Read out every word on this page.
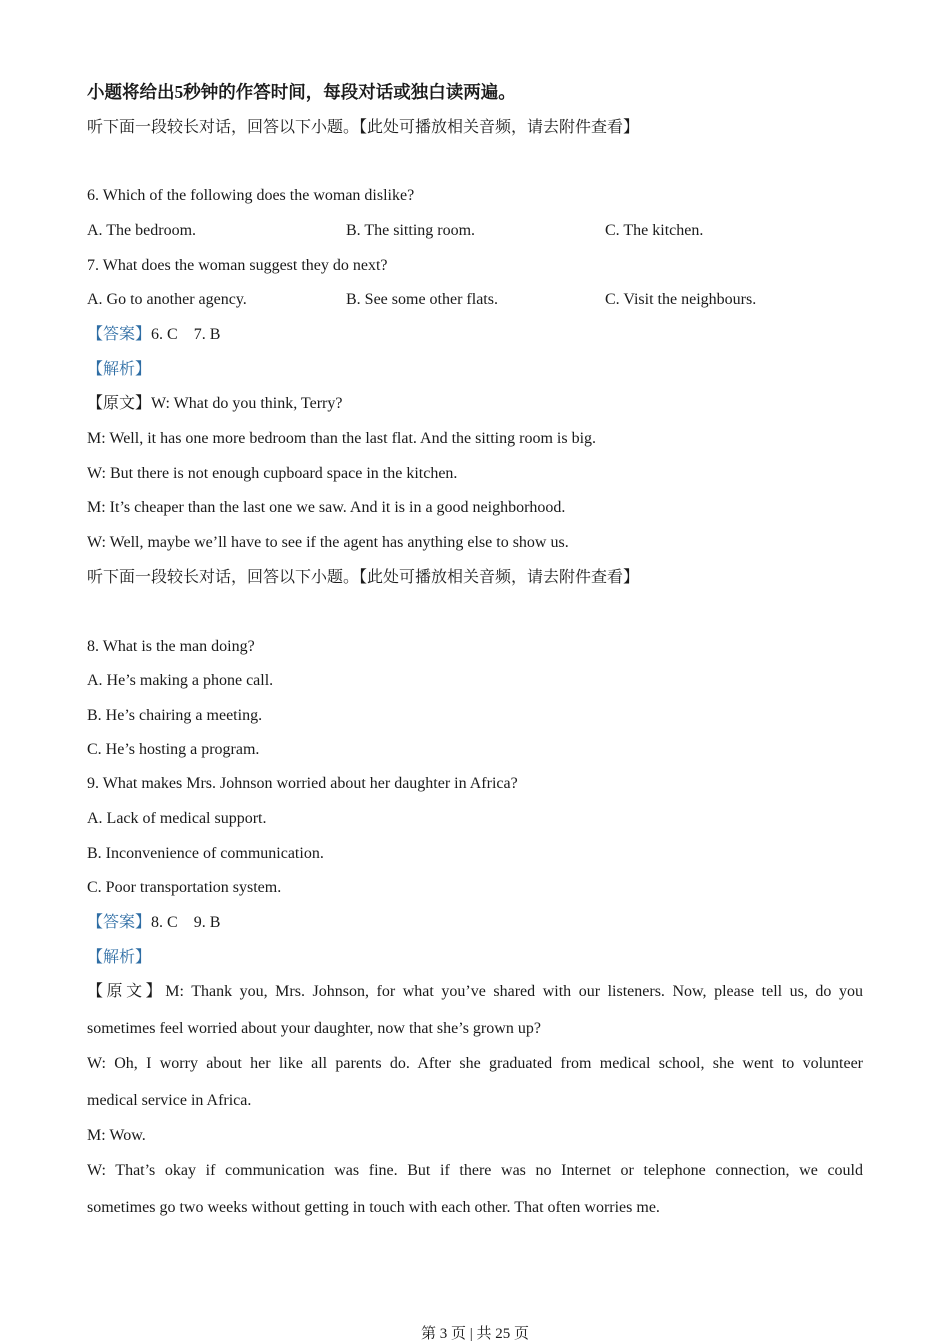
小题将给出5秒钟的作答时间，每段对话或独白读两遍。
听下面一段较长对话，回答以下小题。【此处可播放相关音频，请去附件查看】
6. Which of the following does the woman dislike?
A. The bedroom.	B. The sitting room.	C. The kitchen.
7. What does the woman suggest they do next?
A. Go to another agency.	B. See some other flats.	C. Visit the neighbours.
【答案】6. C    7. B
【解析】
【原文】W: What do you think, Terry?
M: Well, it has one more bedroom than the last flat. And the sitting room is big.
W: But there is not enough cupboard space in the kitchen.
M: It’s cheaper than the last one we saw. And it is in a good neighborhood.
W: Well, maybe we’ll have to see if the agent has anything else to show us.
听下面一段较长对话，回答以下小题。【此处可播放相关音频，请去附件查看】
8. What is the man doing?
A. He’s making a phone call.
B. He’s chairing a meeting.
C. He’s hosting a program.
9. What makes Mrs. Johnson worried about her daughter in Africa?
A. Lack of medical support.
B. Inconvenience of communication.
C. Poor transportation system.
【答案】8. C    9. B
【解析】
【原文】M: Thank you, Mrs. Johnson, for what you’ve shared with our listeners. Now, please tell us, do you
sometimes feel worried about your daughter, now that she’s grown up?
W: Oh, I worry about her like all parents do. After she graduated from medical school, she went to volunteer
medical service in Africa.
M: Wow.
W: That’s okay if communication was fine. But if there was no Internet or telephone connection, we could
sometimes go two weeks without getting in touch with each other. That often worries me.
第 3 页 | 共 25 页
